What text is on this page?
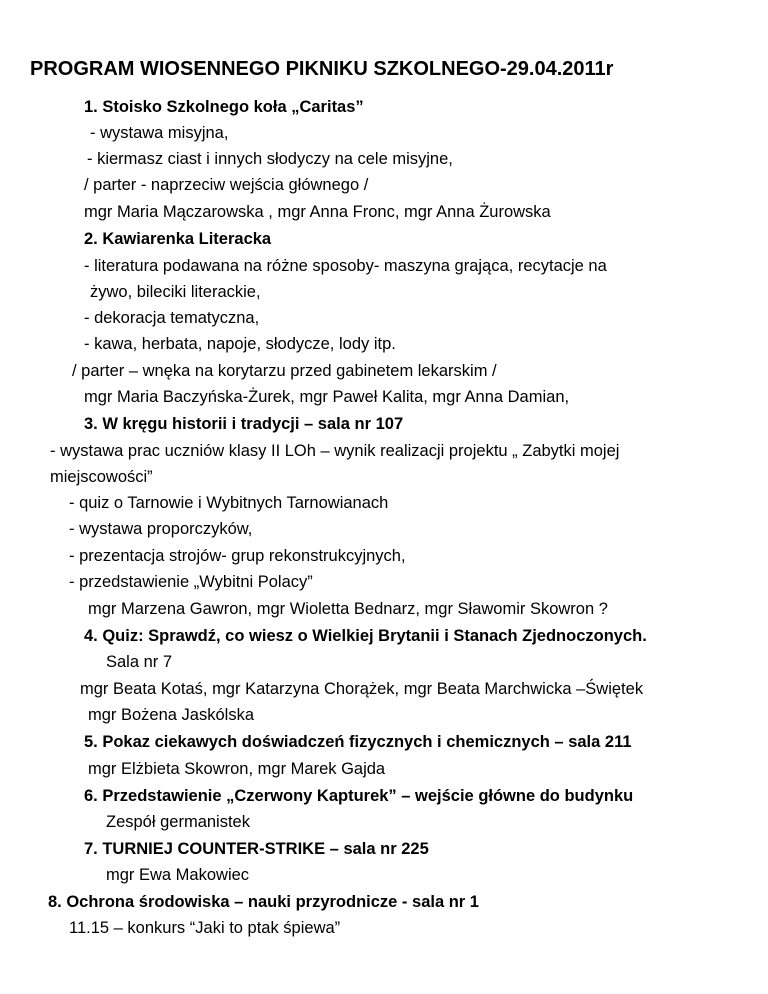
PROGRAM WIOSENNEGO PIKNIKU SZKOLNEGO-29.04.2011r
1. Stoisko Szkolnego koła „Caritas”
- wystawa misyjna,
- kiermasz ciast i innych słodyczy na cele misyjne,
/ parter - naprzeciw wejścia głównego /
mgr Maria Mączarowska , mgr Anna Fronc, mgr Anna Żurowska
2. Kawiarenka Literacka
- literatura podawana na różne sposoby- maszyna grająca, recytacje na
żywo, bileciki literackie,
- dekoracja tematyczna,
- kawa, herbata, napoje, słodycze, lody itp.
/ parter – wnęka na korytarzu przed gabinetem lekarskim /
mgr Maria Baczyńska-Żurek, mgr Paweł Kalita, mgr Anna Damian,
3. W kręgu historii i tradycji – sala nr 107
- wystawa prac uczniów klasy II LOh – wynik realizacji projektu „ Zabytki mojej
miejscowości”
- quiz o Tarnowie i Wybitnych Tarnowianach
- wystawa proporczyków,
- prezentacja strojów- grup rekonstrukcyjnych,
- przedstawienie „Wybitni Polacy”
mgr Marzena Gawron, mgr Wioletta Bednarz, mgr Sławomir Skowron ?
4. Quiz: Sprawdź, co wiesz o Wielkiej Brytanii i Stanach Zjednoczonych.
Sala nr 7
mgr Beata Kotaś, mgr Katarzyna Chorążek, mgr Beata Marchwicka –Świętek
mgr Bożena Jaskólska
5. Pokaz ciekawych doświadczeń fizycznych i chemicznych – sala 211
mgr Elżbieta Skowron, mgr Marek Gajda
6. Przedstawienie „Czerwony Kapturek” – wejście główne do budynku
Zespół germanistek
7. TURNIEJ COUNTER-STRIKE – sala nr 225
mgr Ewa Makowiec
8. Ochrona środowiska – nauki przyrodnicze - sala nr 1
11.15 – konkurs “Jaki to ptak śpiewa”
